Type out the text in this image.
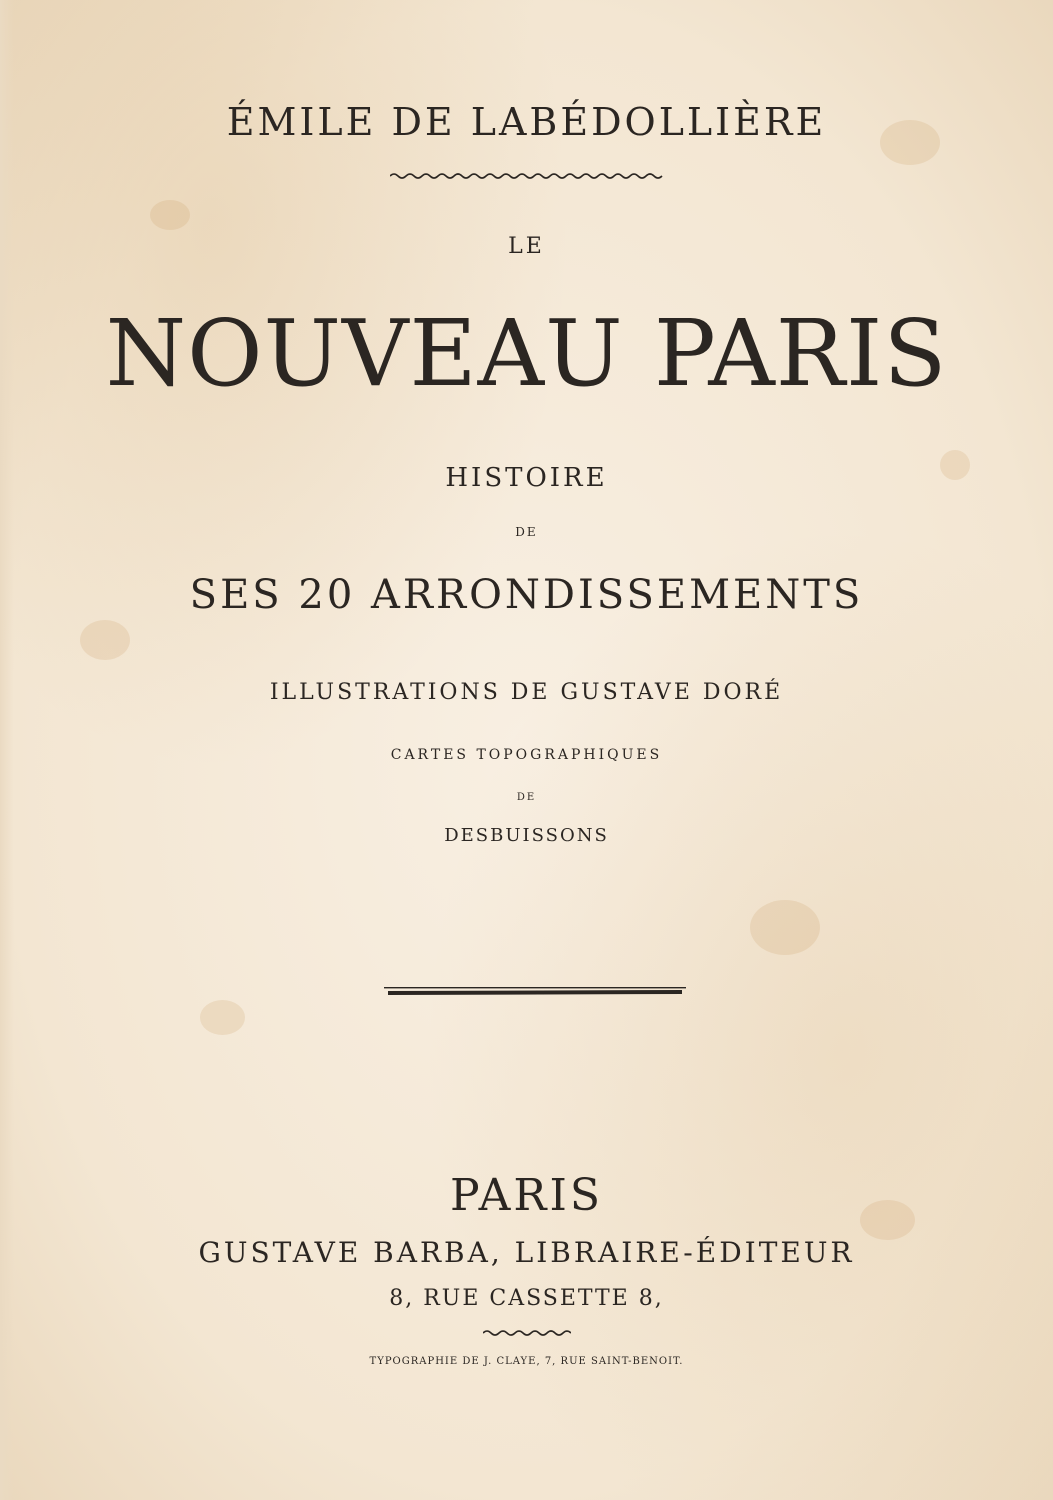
ÉMILE DE LABÉDOLLIÈRE
LE
NOUVEAU PARIS
HISTOIRE
DE
SES 20 ARRONDISSEMENTS
ILLUSTRATIONS DE GUSTAVE DORÉ
CARTES TOPOGRAPHIQUES
DE
DESBUISSONS
PARIS
GUSTAVE BARBA, LIBRAIRE-ÉDITEUR
8, RUE CASSETTE 8,
TYPOGRAPHIE DE J. CLAYE, 7, RUE SAINT-BENOIT.
